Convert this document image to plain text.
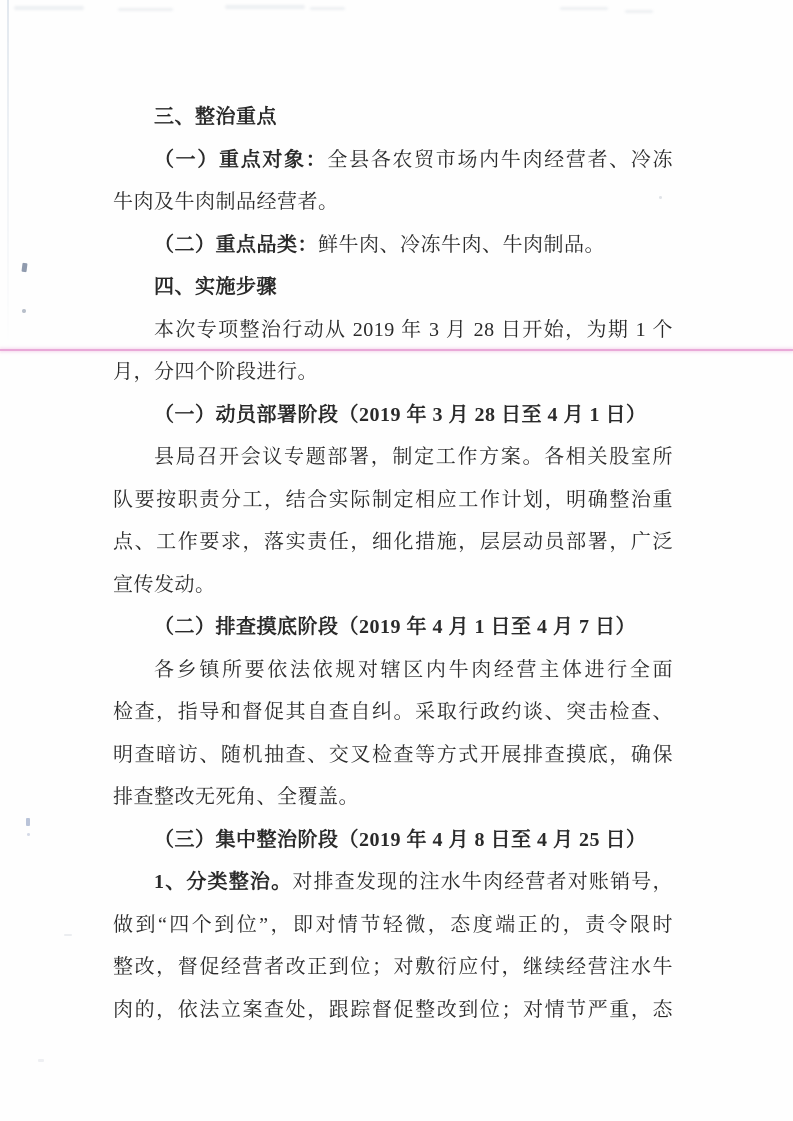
三、整治重点
（一）重点对象：全县各农贸市场内牛肉经营者、冷冻
牛肉及牛肉制品经营者。
（二）重点品类：鲜牛肉、冷冻牛肉、牛肉制品。
四、实施步骤
本次专项整治行动从 2019 年 3 月 28 日开始，为期 1 个
月，分四个阶段进行。
（一）动员部署阶段（2019 年 3 月 28 日至 4 月 1 日）
县局召开会议专题部署，制定工作方案。各相关股室所
队要按职责分工，结合实际制定相应工作计划，明确整治重
点、工作要求，落实责任，细化措施，层层动员部署，广泛
宣传发动。
（二）排查摸底阶段（2019 年 4 月 1 日至 4 月 7 日）
各乡镇所要依法依规对辖区内牛肉经营主体进行全面
检查，指导和督促其自查自纠。采取行政约谈、突击检查、
明查暗访、随机抽查、交叉检查等方式开展排查摸底，确保
排查整改无死角、全覆盖。
（三）集中整治阶段（2019 年 4 月 8 日至 4 月 25 日）
1、分类整治。对排查发现的注水牛肉经营者对账销号，
做到“四个到位”，即对情节轻微，态度端正的，责令限时
整改，督促经营者改正到位；对敷衍应付，继续经营注水牛
肉的，依法立案查处，跟踪督促整改到位；对情节严重，态
